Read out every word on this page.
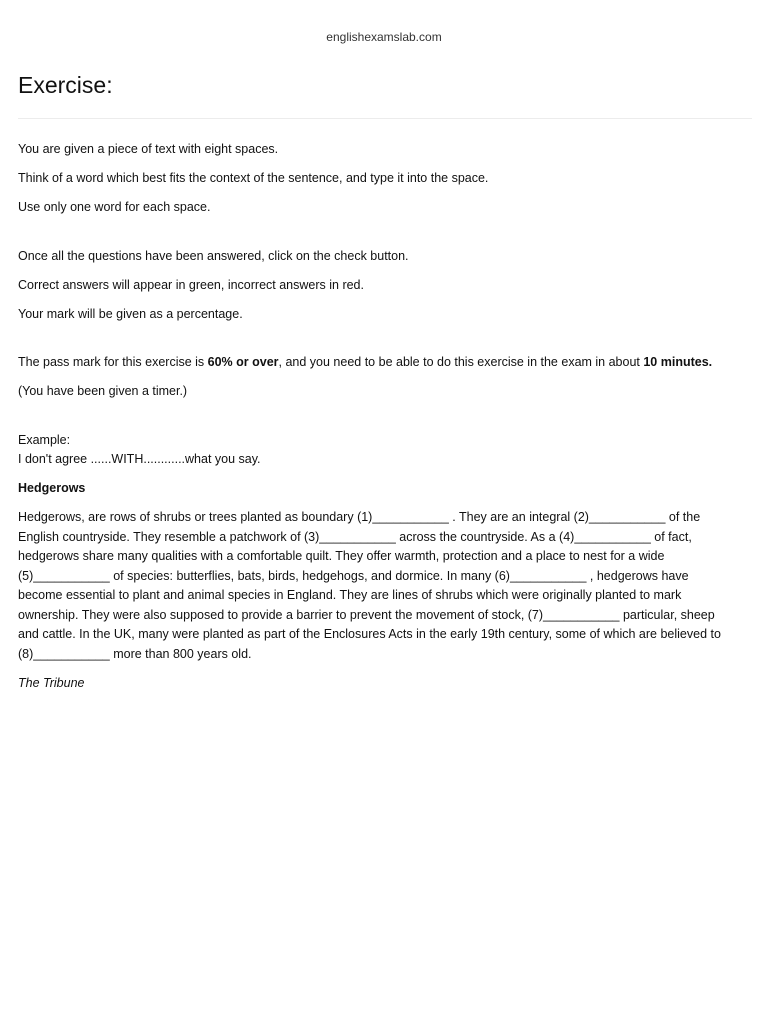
englishexamslab.com
Exercise:

You are given a piece of text with eight spaces.

Think of a word which best fits the context of the sentence, and type it into the space.

Use only one word for each space.

Once all the questions have been answered, click on the check button.

Correct answers will appear in green, incorrect answers in red.

Your mark will be given as a percentage.

The pass mark for this exercise is 60% or over, and you need to be able to do this exercise in the exam in about 10 minutes.

(You have been given a timer.)

Example:
I don't agree ......WITH............what you say.

Hedgerows

Hedgerows, are rows of shrubs or trees planted as boundary (1)___________ . They are an integral (2)___________ of the English countryside. They resemble a patchwork of (3)___________ across the countryside. As a (4)___________ of fact, hedgerows share many qualities with a comfortable quilt. They offer warmth, protection and a place to nest for a wide (5)___________ of species: butterflies, bats, birds, hedgehogs, and dormice. In many (6)___________ , hedgerows have become essential to plant and animal species in England. They are lines of shrubs which were originally planted to mark ownership. They were also supposed to provide a barrier to prevent the movement of stock, (7)___________ particular, sheep and cattle. In the UK, many were planted as part of the Enclosures Acts in the early 19th century, some of which are believed to (8)___________ more than 800 years old.

The Tribune
